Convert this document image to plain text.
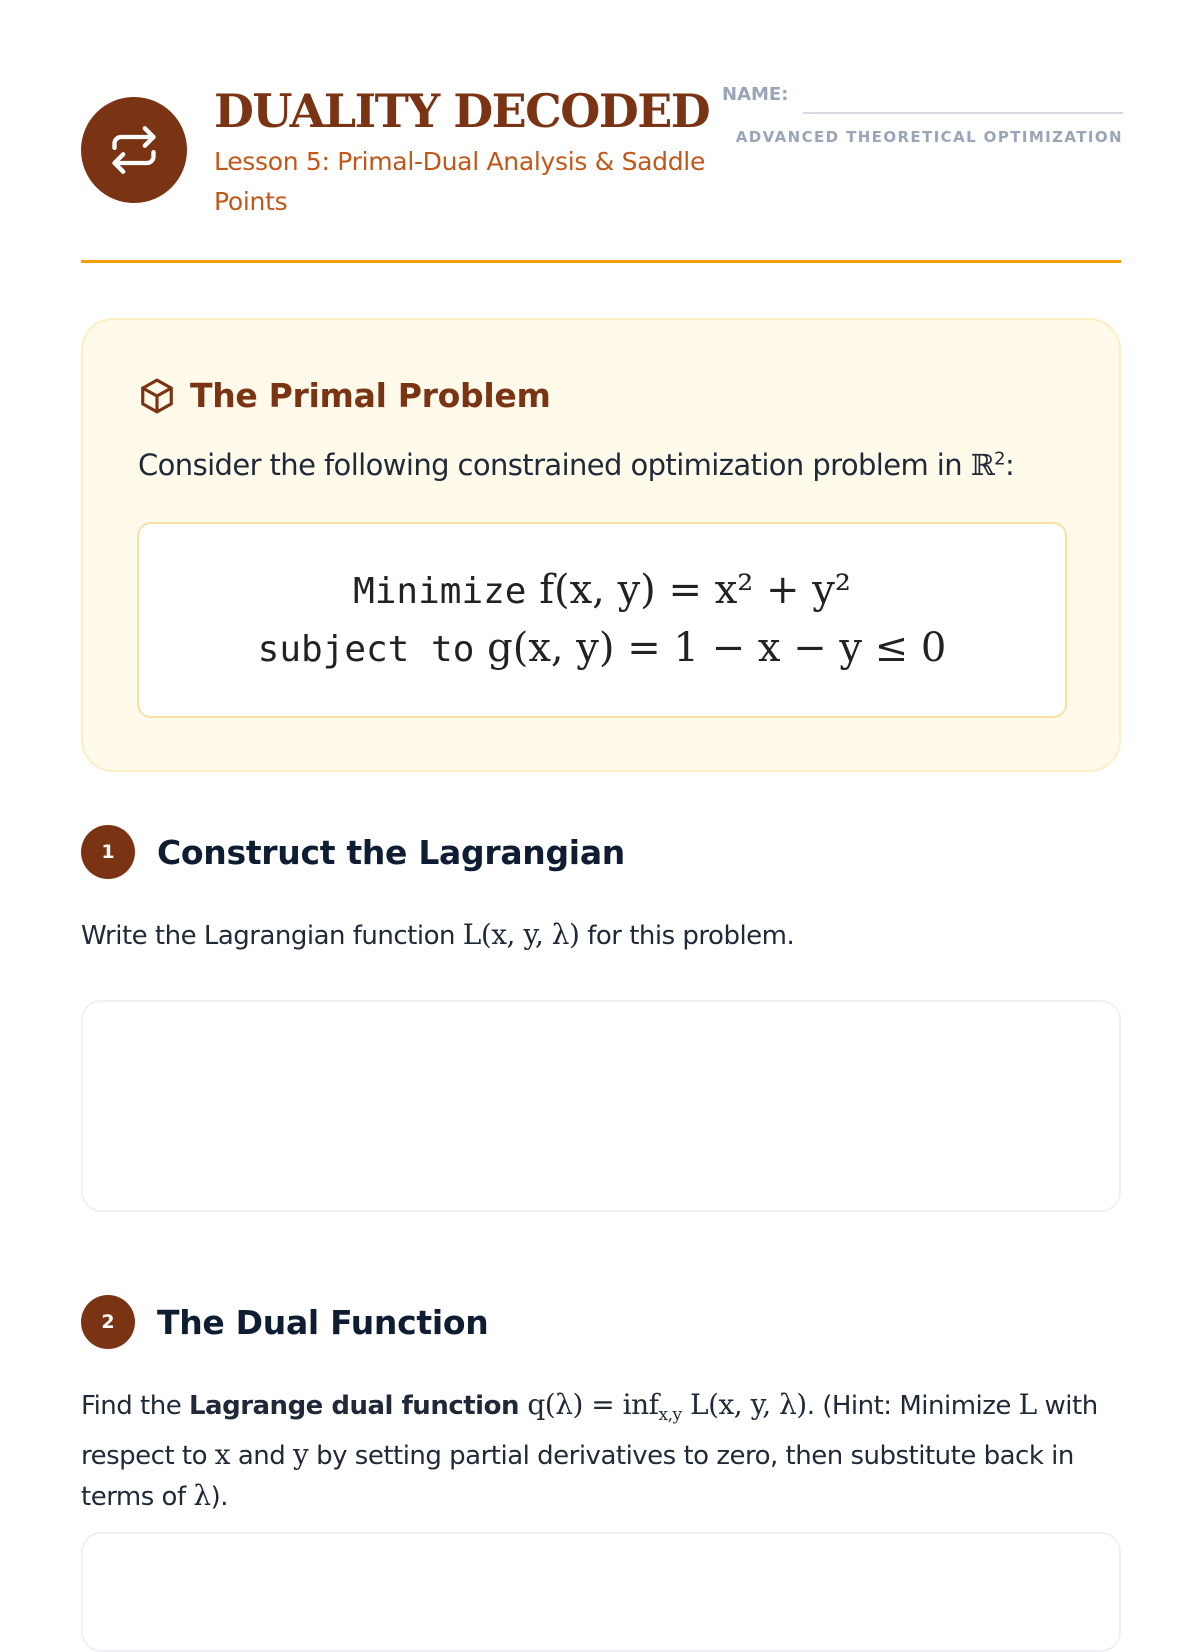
DUALITY DECODED
Lesson 5: Primal-Dual Analysis & Saddle Points
NAME:
ADVANCED THEORETICAL OPTIMIZATION
The Primal Problem
Consider the following constrained optimization problem in ℝ$^2$:
Minimize f(x, y) = x² + y²
subject to g(x, y) = 1 − x − y ≤ 0
1	Construct the Lagrangian
Write the Lagrangian function L(x, y, λ) for this problem.
2	The Dual Function
Find the Lagrange dual function q(λ) = inf$_{x,y}$ L(x, y, λ). (Hint: Minimize L with respect to x and y by setting partial derivatives to zero, then substitute back in terms of λ).
